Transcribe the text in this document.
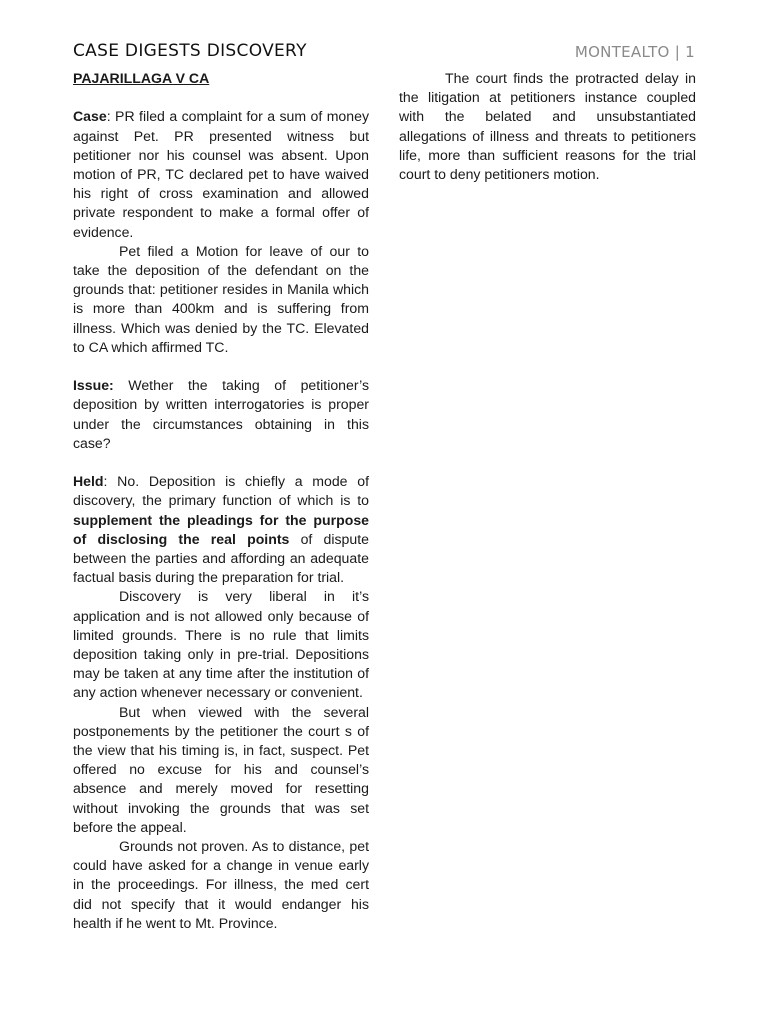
CASE DIGESTS DISCOVERY	MONTEALTO | 1
PAJARILLAGA V CA

Case: PR filed a complaint for a sum of money against Pet. PR presented witness but petitioner nor his counsel was absent. Upon motion of PR, TC declared pet to have waived his right of cross examination and allowed private respondent to make a formal offer of evidence.

Pet filed a Motion for leave of our to take the deposition of the defendant on the grounds that: petitioner resides in Manila which is more than 400km and is suffering from illness. Which was denied by the TC. Elevated to CA which affirmed TC.

Issue: Wether the taking of petitioner’s deposition by written interrogatories is proper under the circumstances obtaining in this case?

Held: No. Deposition is chiefly a mode of discovery, the primary function of which is to supplement the pleadings for the purpose of disclosing the real points of dispute between the parties and affording an adequate factual basis during the preparation for trial.

Discovery is very liberal in it’s application and is not allowed only because of limited grounds. There is no rule that limits deposition taking only in pre-trial. Depositions may be taken at any time after the institution of any action whenever necessary or convenient.

But when viewed with the several postponements by the petitioner the court s of the view that his timing is, in fact, suspect. Pet offered no excuse for his and counsel’s absence and merely moved for resetting without invoking the grounds that was set before the appeal.

Grounds not proven. As to distance, pet could have asked for a change in venue early in the proceedings. For illness, the med cert did not specify that it would endanger his health if he went to Mt. Province.

The court finds the protracted delay in the litigation at petitioners instance coupled with the belated and unsubstantiated allegations of illness and threats to petitioners life, more than sufficient reasons for the trial court to deny petitioners motion.
